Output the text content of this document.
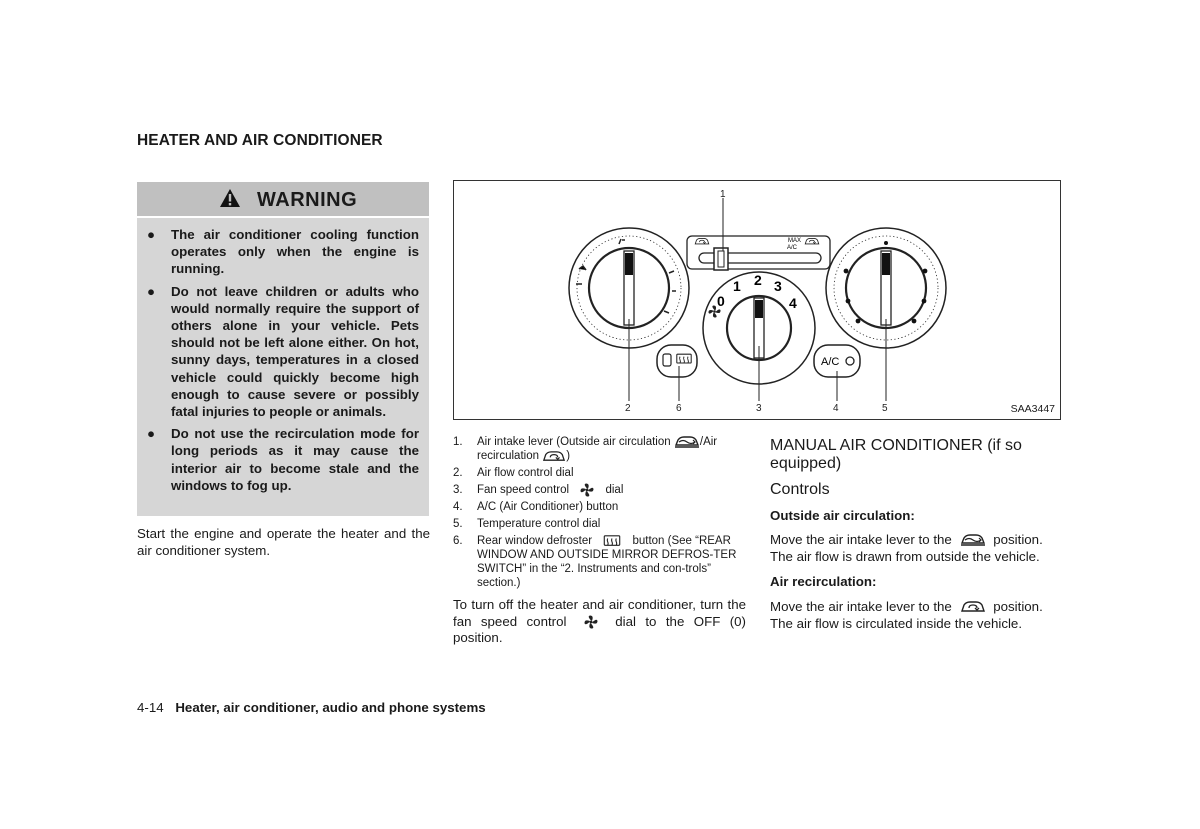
HEATER AND AIR CONDITIONER
WARNING
● The air conditioner cooling function operates only when the engine is running.
● Do not leave children or adults who would normally require the support of others alone in your vehicle. Pets should not be left alone either. On hot, sunny days, temperatures in a closed vehicle could quickly become high enough to cause severe or possibly fatal injuries to people or animals.
● Do not use the recirculation mode for long periods as it may cause the interior air to become stale and the windows to fog up.
Start the engine and operate the heater and the air conditioner system.
MAX
A/C
0
1 2 3
4
A/C
1
2	6	3	4	5	SAA3447
1. Air intake lever (Outside air circulation	/Air recirculation )
2. Air flow control dial
3. Fan speed control	dial
4. A/C (Air Conditioner) button
5. Temperature control dial
6. Rear window defroster	button (See “REAR WINDOW AND OUTSIDE MIRROR DEFROS-TER SWITCH” in the “2. Instruments and con-trols” section.)
To turn off the heater and air conditioner, turn the fan speed control	dial to the OFF (0) position.
MANUAL AIR CONDITIONER (if so equipped)
Controls
Outside air circulation:
Move the air intake lever to the	position. The air flow is drawn from outside the vehicle.
Air recirculation:
Move the air intake lever to the	position. The air flow is circulated inside the vehicle.
4-14 Heater, air conditioner, audio and phone systems
